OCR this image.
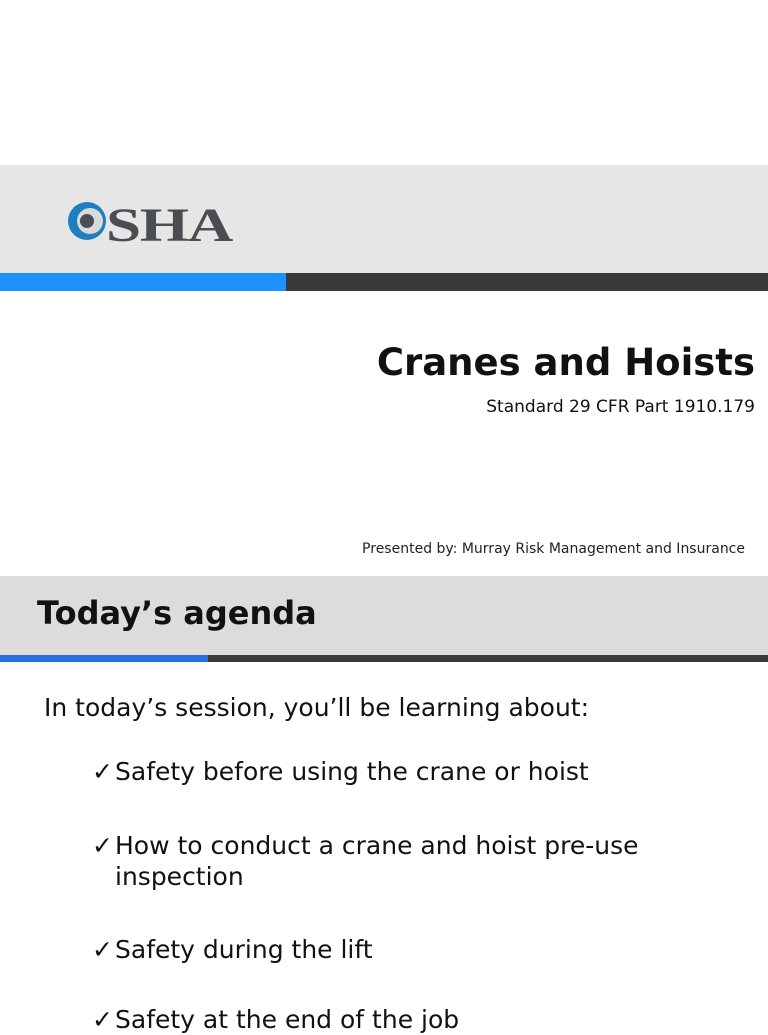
SHA
Cranes and Hoists
Standard 29 CFR Part 1910.179
Presented by: Murray Risk Management and Insurance
Today’s agenda
In today’s session, you’ll be learning about:
✓ Safety before using the crane or hoist
✓ How to conduct a crane and hoist pre-use inspection
✓ Safety during the lift
✓ Safety at the end of the job
